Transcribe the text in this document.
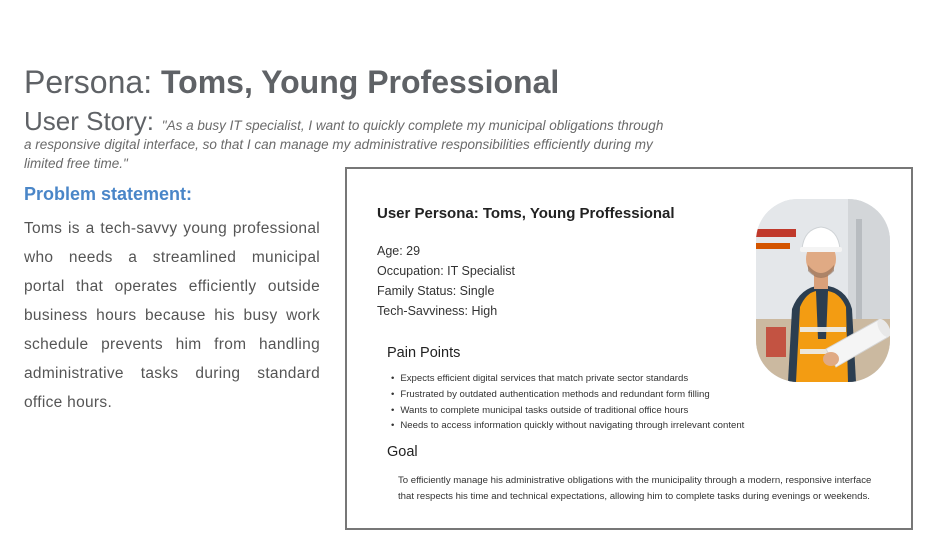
Persona: Toms, Young Professional
User Story: "As a busy IT specialist, I want to quickly complete my municipal obligations through a responsive digital interface, so that I can manage my administrative responsibilities efficiently during my limited free time."
Problem statement:
Toms is a tech-savvy young professional who needs a streamlined municipal portal that operates efficiently outside business hours because his busy work schedule prevents him from handling administrative tasks during standard office hours.
User Persona: Toms, Young Proffessional
Age: 29
Occupation: IT Specialist
Family Status: Single
Tech-Savviness: High
Pain Points
• Expects efficient digital services that match private sector standards
• Frustrated by outdated authentication methods and redundant form filling
• Wants to complete municipal tasks outside of traditional office hours
• Needs to access information quickly without navigating through irrelevant content
Goal
To efficiently manage his administrative obligations with the municipality through a modern, responsive interface that respects his time and technical expectations, allowing him to complete tasks during evenings or weekends.
